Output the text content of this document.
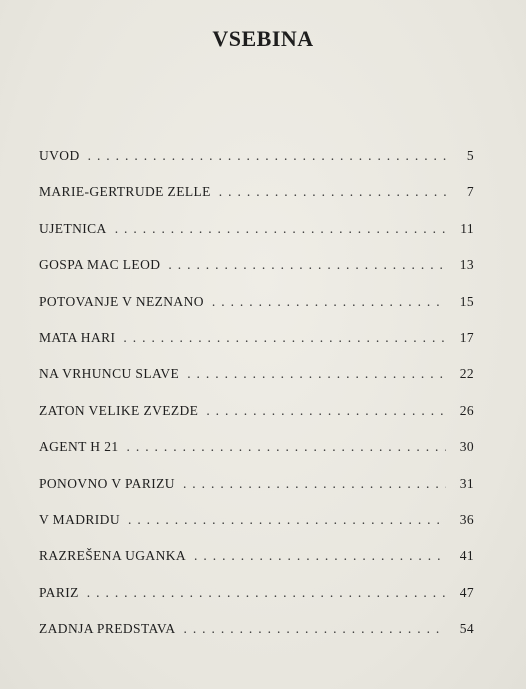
VSEBINA
UVOD . . .	5
MARIE-GERTRUDE ZELLE . . .	7
UJETNICA . . .	11
GOSPA MAC LEOD . . .	13
POTOVANJE V NEZNANO . . .	15
MATA HARI . . .	17
NA VRHUNCU SLAVE . . .	22
ZATON VELIKE ZVEZDE . . .	26
AGENT H 21 . . .	30
PONOVNO V PARIZU . . .	31
V MADRIDU . . .	36
RAZREŠENA UGANKA . . .	41
PARIZ . . .	47
ZADNJA PREDSTAVA . . .	54
